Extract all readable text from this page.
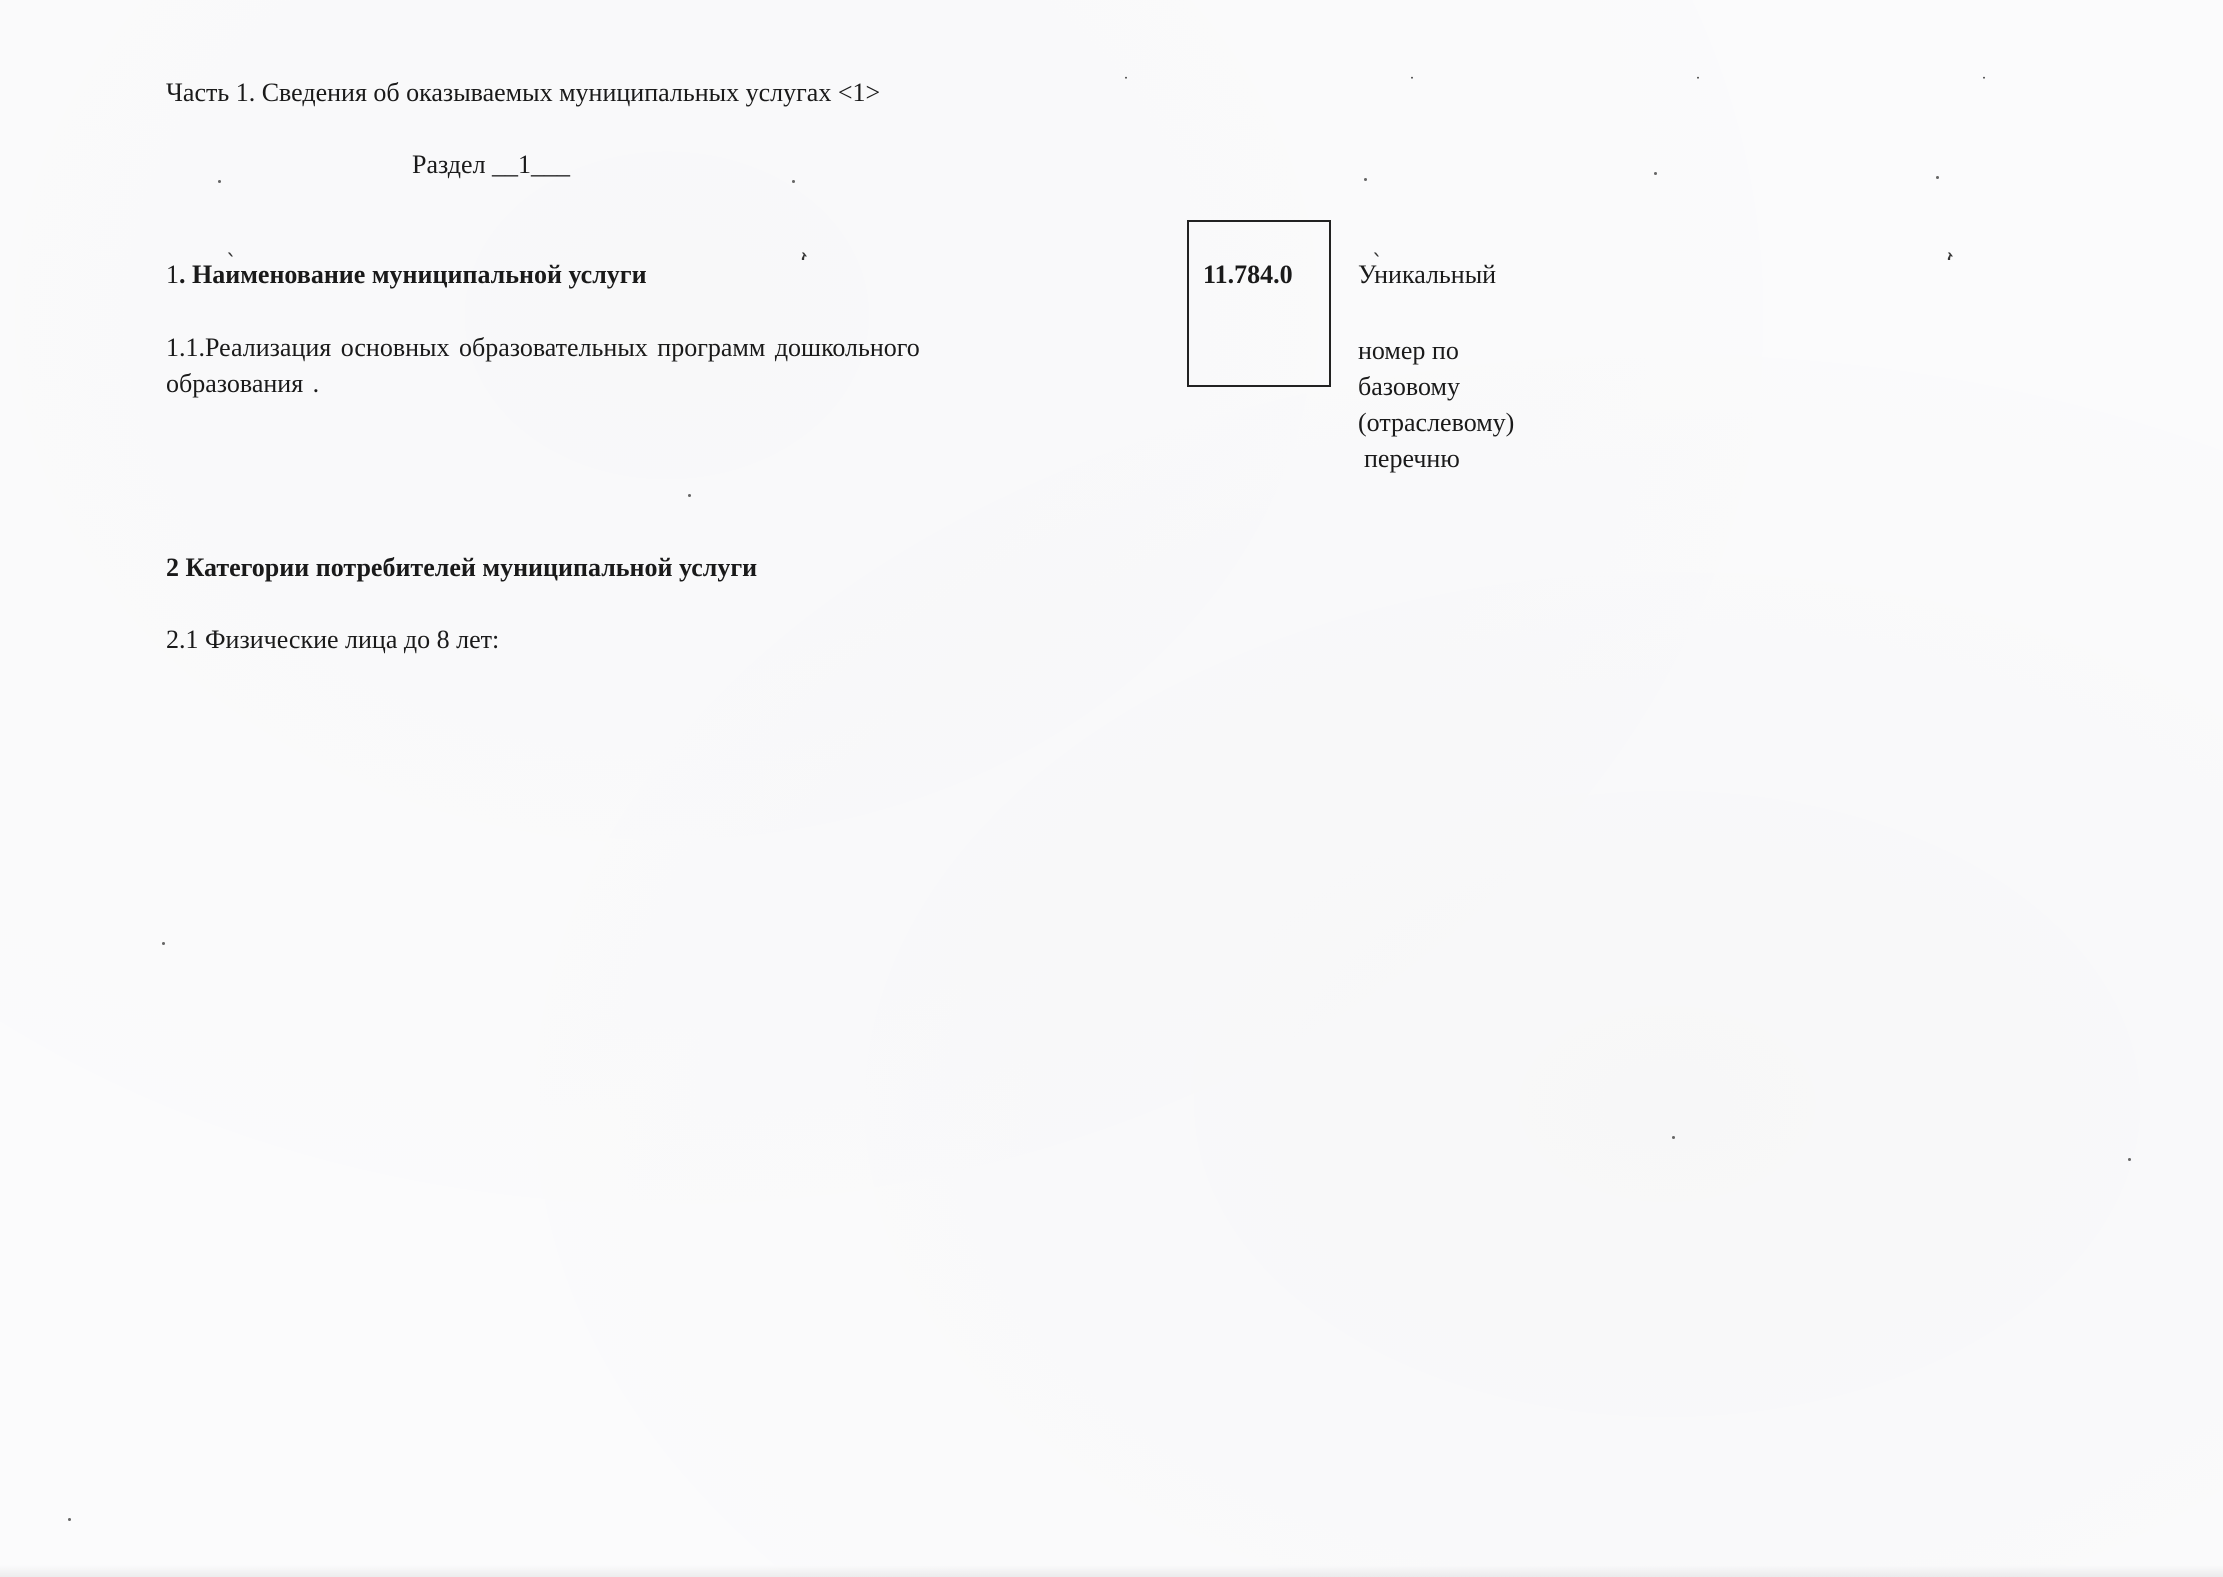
Часть 1. Сведения об оказываемых муниципальных услугах <1>
Раздел __1___
1. Наименование муниципальной услуги
1.1.Реализация основных образовательных программ дошкольного образования .
11.784.0	Уникальный
номер по
базовому
(отраслевому)
перечню
2 Категории потребителей муниципальной услуги
2.1 Физические лица до 8 лет:
ˎ	ˎ
ʻ
ˎ	ˎ
ʻ
˙	˙	˙	˙
